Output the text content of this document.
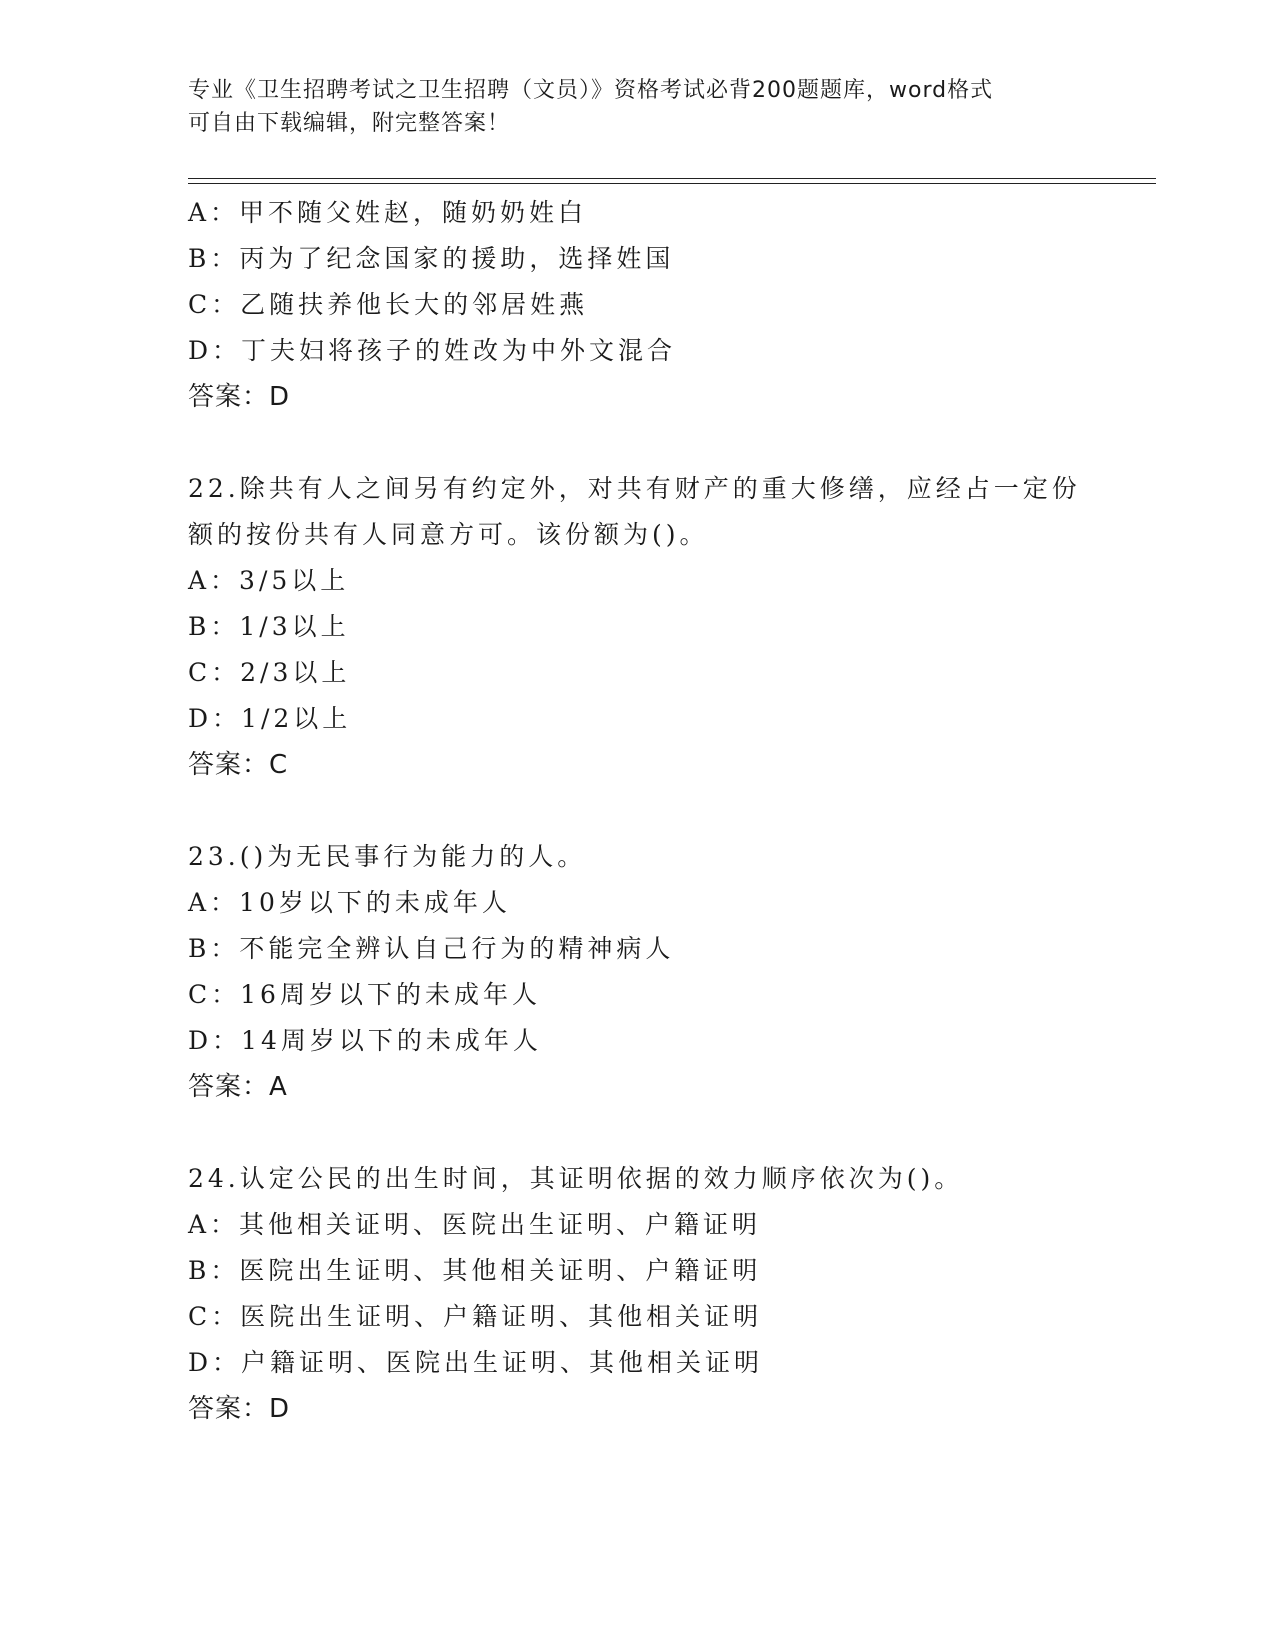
专业《卫生招聘考试之卫生招聘（文员）》资格考试必背200题题库，word格式
可自由下载编辑，附完整答案！
A：甲不随父姓赵，随奶奶姓白
B：丙为了纪念国家的援助，选择姓国
C：乙随扶养他长大的邻居姓燕
D：丁夫妇将孩子的姓改为中外文混合
答案：D
22.除共有人之间另有约定外，对共有财产的重大修缮，应经占一定份
额的按份共有人同意方可。该份额为()。
A：3/5以上
B：1/3以上
C：2/3以上
D：1/2以上
答案：C
23.()为无民事行为能力的人。
A：10岁以下的未成年人
B：不能完全辨认自己行为的精神病人
C：16周岁以下的未成年人
D：14周岁以下的未成年人
答案：A
24.认定公民的出生时间，其证明依据的效力顺序依次为()。
A：其他相关证明、医院出生证明、户籍证明
B：医院出生证明、其他相关证明、户籍证明
C：医院出生证明、户籍证明、其他相关证明
D：户籍证明、医院出生证明、其他相关证明
答案：D
